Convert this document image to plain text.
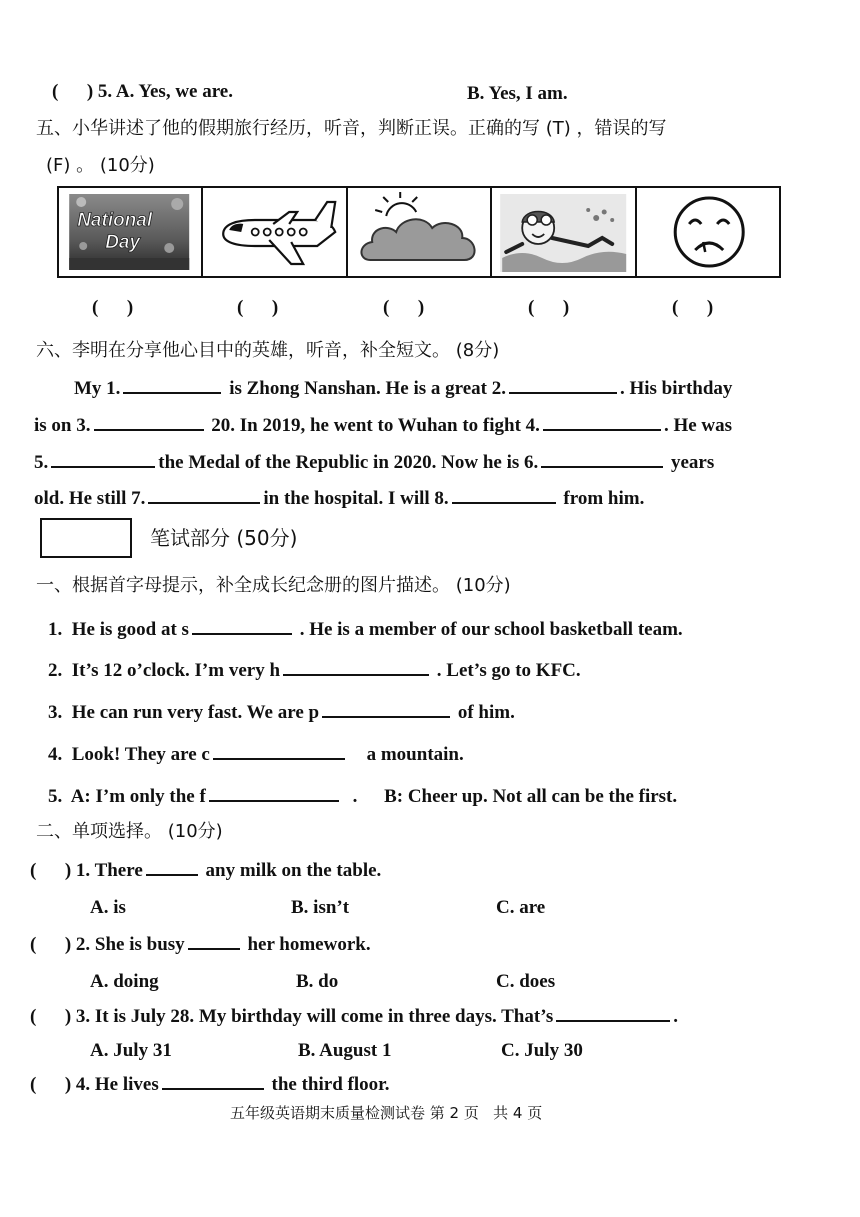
(      ) 5. A. Yes, we are.	B. Yes, I am.
五、小华讲述了他的假期旅行经历，听音，判断正误。正确的写 (T) ，错误的写
(F) 。 (10分)
National
Day
(      )	(      )	(      )	(      )	(      )
六、李明在分享他心目中的英雄，听音，补全短文。 (8分)
My 1.	is Zhong Nanshan. He is a great 2.	. His birthday
is on 3.	20. In 2019, he went to Wuhan to fight 4.	. He was
5.	the Medal of the Republic in 2020. Now he is 6.	years
old. He still 7.	in the hospital. I will 8.	from him.
笔试部分 (50分)
一、根据首字母提示，补全成长纪念册的图片描述。 (10分)
1.  He is good at s	. He is a member of our school basketball team.
2.  It’s 12 o’clock. I’m very h	. Let’s go to KFC.
3.  He can run very fast. We are p	of him.
4.  Look! They are c	a mountain.
5.  A: I’m only the f	. B: Cheer up. Not all can be the first.
二、单项选择。 (10分)
(      ) 1. There	any milk on the table.
A. is	B. isn’t	C. are
(      ) 2. She is busy	her homework.
A. doing	B. do	C. does
(      ) 3. It is July 28. My birthday will come in three days. That’s	.
A. July 31	B. August 1	C. July 30
(      ) 4. He lives	the third floor.
五年级英语期末质量检测试卷 第 2 页   共 4 页
